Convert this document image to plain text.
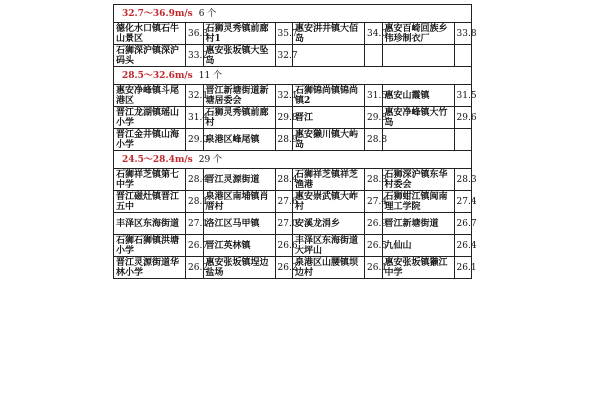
32.7～36.9m/s 6 个							
德化水口镇石牛山景区	36.3	石狮灵秀镇前廊村1	35.7	惠安汫井镇大佰岛	34.0	惠安百崎回族乡伟珍制衣厂	33.8
石狮深沪镇深沪码头	33.2	惠安张坂镇大坠岛	32.7				
28.5～32.6m/s 11 个							
惠安净峰镇斗尾港区	32.1	晋江新塘街道新塘居委会	32.1	石狮锦尚镇锦尚镇2	31.5	惠安山霞镇	31.5
晋江龙湖镇瑶山小学	31.4	石狮灵秀镇前廊村	29.8	晋江	29.8	惠安净峰镇大竹岛	29.6
晋江金井镇山海小学	29.0	泉港区峰尾镇	28.9	惠安獭川镇大屿岛	28.8		
24.5～28.4m/s 29 个							
石狮祥芝镇第七中学	28.4	晋江灵源街道	28.4	石狮祥芝镇祥芝渔港	28.3	石狮深沪镇东华村委会	28.3
晋江磁灶镇晋江五中	28.1	泉港区南埔镇肖厝村	27.6	惠安崇武镇大岞村	27.4	石狮蚶江镇闽南理工学院	27.4
丰泽区东海街道	27.1	洛江区马甲镇	27.0	安溪龙涓乡	26.9	晋江新塘街道	26.7
石狮石狮镇洪塘小学	26.7	晋江英林镇	26.6	丰泽区东海街道大坪山	26.5	九仙山	26.4
晋江灵源街道华林小学	26.2	惠安张坂镇埕边盐场	26.2	泉港区山腰镇坝边村	26.1	惠安张坂镇獭江中学	26.1
